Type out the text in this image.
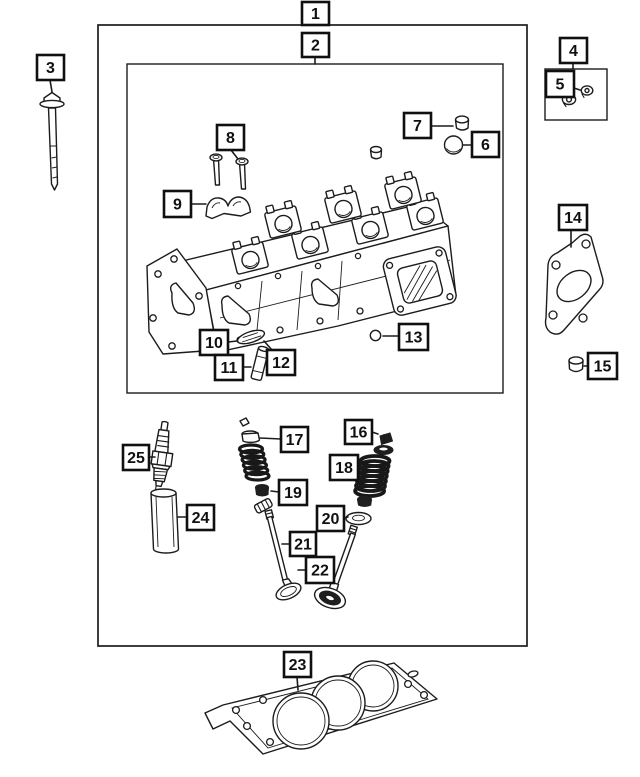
1
2
3
4
5
6
7
8
9
10
11 12
13
14
15
16
17
18
19
20
21
22
23
24
25
